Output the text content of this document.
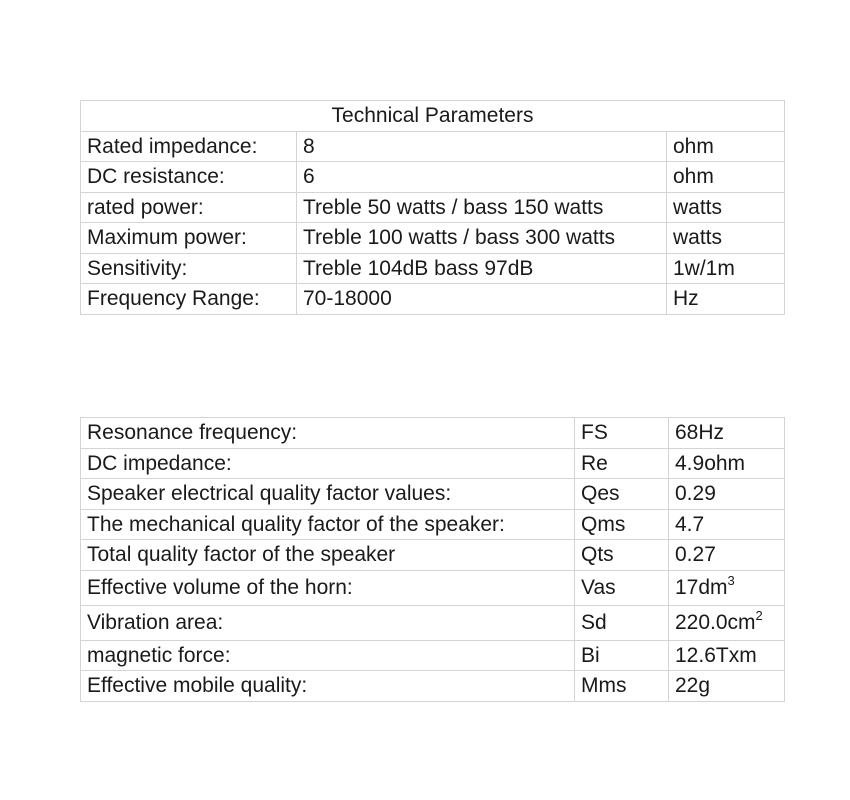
Technical Parameters		
Rated impedance:	8	ohm
DC resistance:	6	ohm
rated power:	Treble 50 watts / bass 150 watts	watts
Maximum power:	Treble 100 watts / bass 300 watts	watts
Sensitivity:	Treble 104dB bass 97dB	1w/1m
Frequency Range:	70-18000	Hz
Resonance frequency:	FS	68Hz
DC impedance:	Re	4.9ohm
Speaker electrical quality factor values:	Qes	0.29
The mechanical quality factor of the speaker:	Qms	4.7
Total quality factor of the speaker	Qts	0.27
Effective volume of the horn:	Vas	$17dm^3$
Vibration area:	Sd	$220.0cm^2$
magnetic force:	Bi	12.6Txm
Effective mobile quality:	Mms	22g
